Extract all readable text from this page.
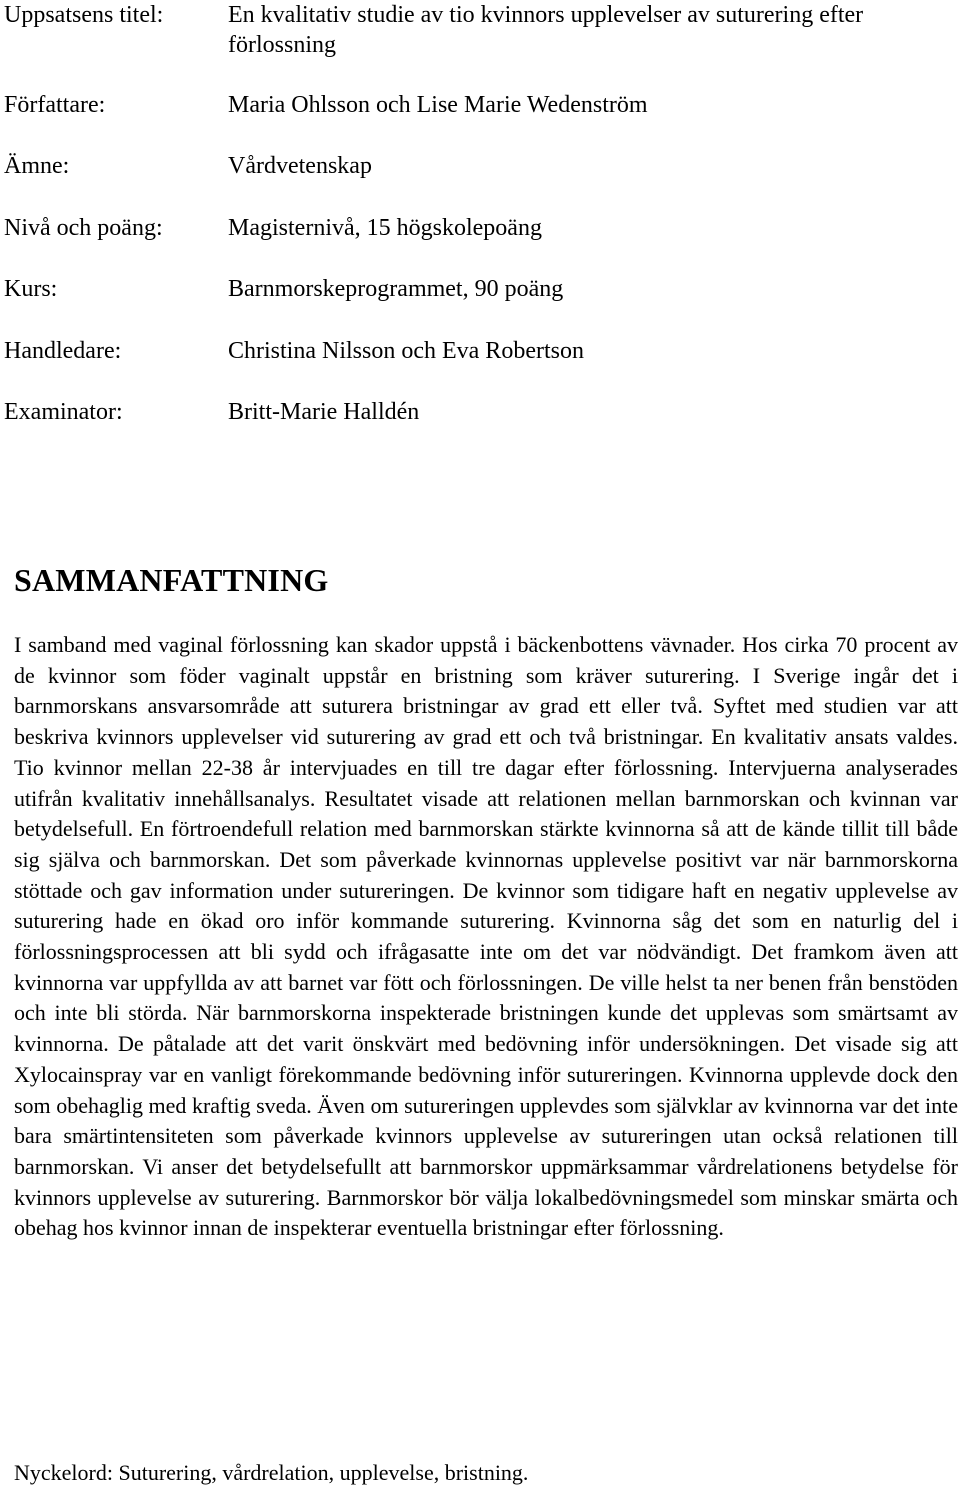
Uppsatsens titel:	En kvalitativ studie av tio kvinnors upplevelser av suturering efter förlossning
Författare:	Maria Ohlsson och Lise Marie Wedenström
Ämne:	Vårdvetenskap
Nivå och poäng:	Magisternivå, 15 högskolepoäng
Kurs:	Barnmorskeprogrammet, 90 poäng
Handledare:	Christina Nilsson och Eva Robertson
Examinator:	Britt-Marie Halldén
SAMMANFATTNING

I samband med vaginal förlossning kan skador uppstå i bäckenbottens vävnader. Hos cirka 70 procent av de kvinnor som föder vaginalt uppstår en bristning som kräver suturering. I Sverige ingår det i barnmorskans ansvarsområde att suturera bristningar av grad ett eller två. Syftet med studien var att beskriva kvinnors upplevelser vid suturering av grad ett och två bristningar. En kvalitativ ansats valdes. Tio kvinnor mellan 22-38 år intervjuades en till tre dagar efter förlossning. Intervjuerna analyserades utifrån kvalitativ innehållsanalys. Resultatet visade att relationen mellan barnmorskan och kvinnan var betydelsefull. En förtroendefull relation med barnmorskan stärkte kvinnorna så att de kände tillit till både sig själva och barnmorskan. Det som påverkade kvinnornas upplevelse positivt var när barnmorskorna stöttade och gav information under sutureringen. De kvinnor som tidigare haft en negativ upplevelse av suturering hade en ökad oro inför kommande suturering. Kvinnorna såg det som en naturlig del i förlossningsprocessen att bli sydd och ifrågasatte inte om det var nödvändigt. Det framkom även att kvinnorna var uppfyllda av att barnet var fött och förlossningen. De ville helst ta ner benen från benstöden och inte bli störda. När barnmorskorna inspekterade bristningen kunde det upplevas som smärtsamt av kvinnorna. De påtalade att det varit önskvärt med bedövning inför undersökningen. Det visade sig att Xylocainspray var en vanligt förekommande bedövning inför sutureringen. Kvinnorna upplevde dock den som obehaglig med kraftig sveda. Även om sutureringen upplevdes som självklar av kvinnorna var det inte bara smärtintensiteten som påverkade kvinnors upplevelse av sutureringen utan också relationen till barnmorskan. Vi anser det betydelsefullt att barnmorskor uppmärksammar vårdrelationens betydelse för kvinnors upplevelse av suturering. Barnmorskor bör välja lokalbedövningsmedel som minskar smärta och obehag hos kvinnor innan de inspekterar eventuella bristningar efter förlossning.

Nyckelord: Suturering, vårdrelation, upplevelse, bristning.
